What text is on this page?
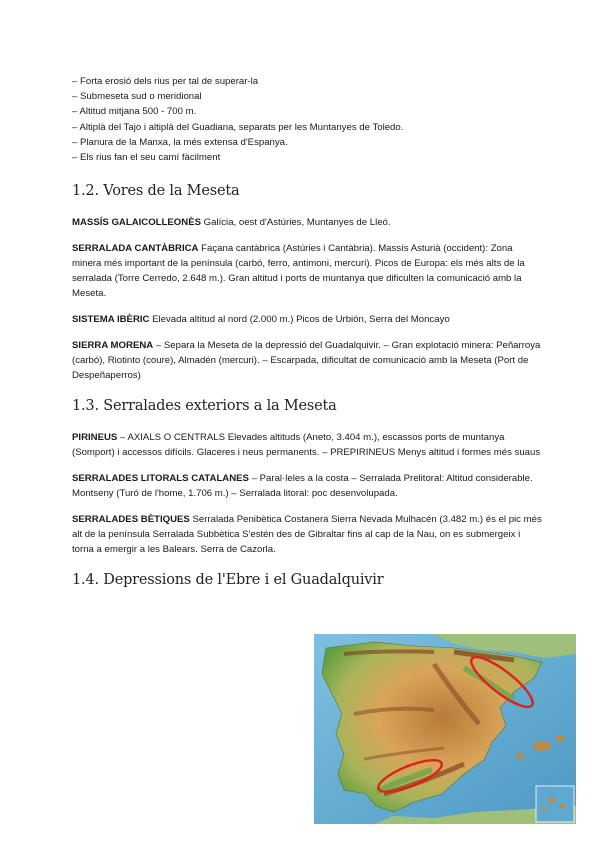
– Forta erosió dels rius per tal de superar-la
– Submeseta sud o meridional
– Altitud mitjana 500 - 700 m.
– Altiplà del Tajo i altiplà del Guadiana, separats per les Muntanyes de Toledo.
– Planura de la Manxa, la més extensa d'Espanya.
– Els rius fan el seu camí fàcilment
1.2. Vores de la Meseta
MASSÍS GALAICOLLEONÈS Galícia, oest d'Astúries, Muntanyes de Lleó.
SERRALADA CANTÀBRICA Façana cantàbrica (Astúries i Cantàbria). Massís Asturià (occident): Zona minera més important de la península (carbó, ferro, antimoni, mercuri). Picos de Europa: els més alts de la serralada (Torre Cerredo, 2.648 m.). Gran altitud i ports de muntanya que dificulten la comunicació amb la Meseta.
SISTEMA IBÈRIC Elevada altitud al nord (2.000 m.) Picos de Urbión, Serra del Moncayo
SIERRA MORENA – Separa la Meseta de la depressió del Guadalquivir. – Gran explotació minera: Peñarroya (carbó), Riotinto (coure), Almadén (mercuri). – Escarpada, dificultat de comunicació amb la Meseta (Port de Despeñaperros)
1.3. Serralades exteriors a la Meseta
PIRINEUS – AXIALS O CENTRALS Elevades altituds (Aneto, 3.404 m.), escassos ports de muntanya (Somport) i accessos difícils. Glaceres i neus permanents. – PREPIRINEUS Menys altitud i formes més suaus
SERRALADES LITORALS CATALANES – Paral·leles a la costa – Serralada Prelitoral: Altitud considerable. Montseny (Turó de l'home, 1.706 m.) – Serralada litoral: poc desenvolupada.
SERRALADES BÈTIQUES Serralada Penibètica Costanera Sierra Nevada Mulhacén (3.482 m.) és el pic més alt de la península Serralada Subbètica S'estén des de Gibraltar fins al cap de la Nau, on es submergeix i torna a emergir a les Balears. Serra de Cazorla.
1.4. Depressions de l'Ebre i el Guadalquivir
